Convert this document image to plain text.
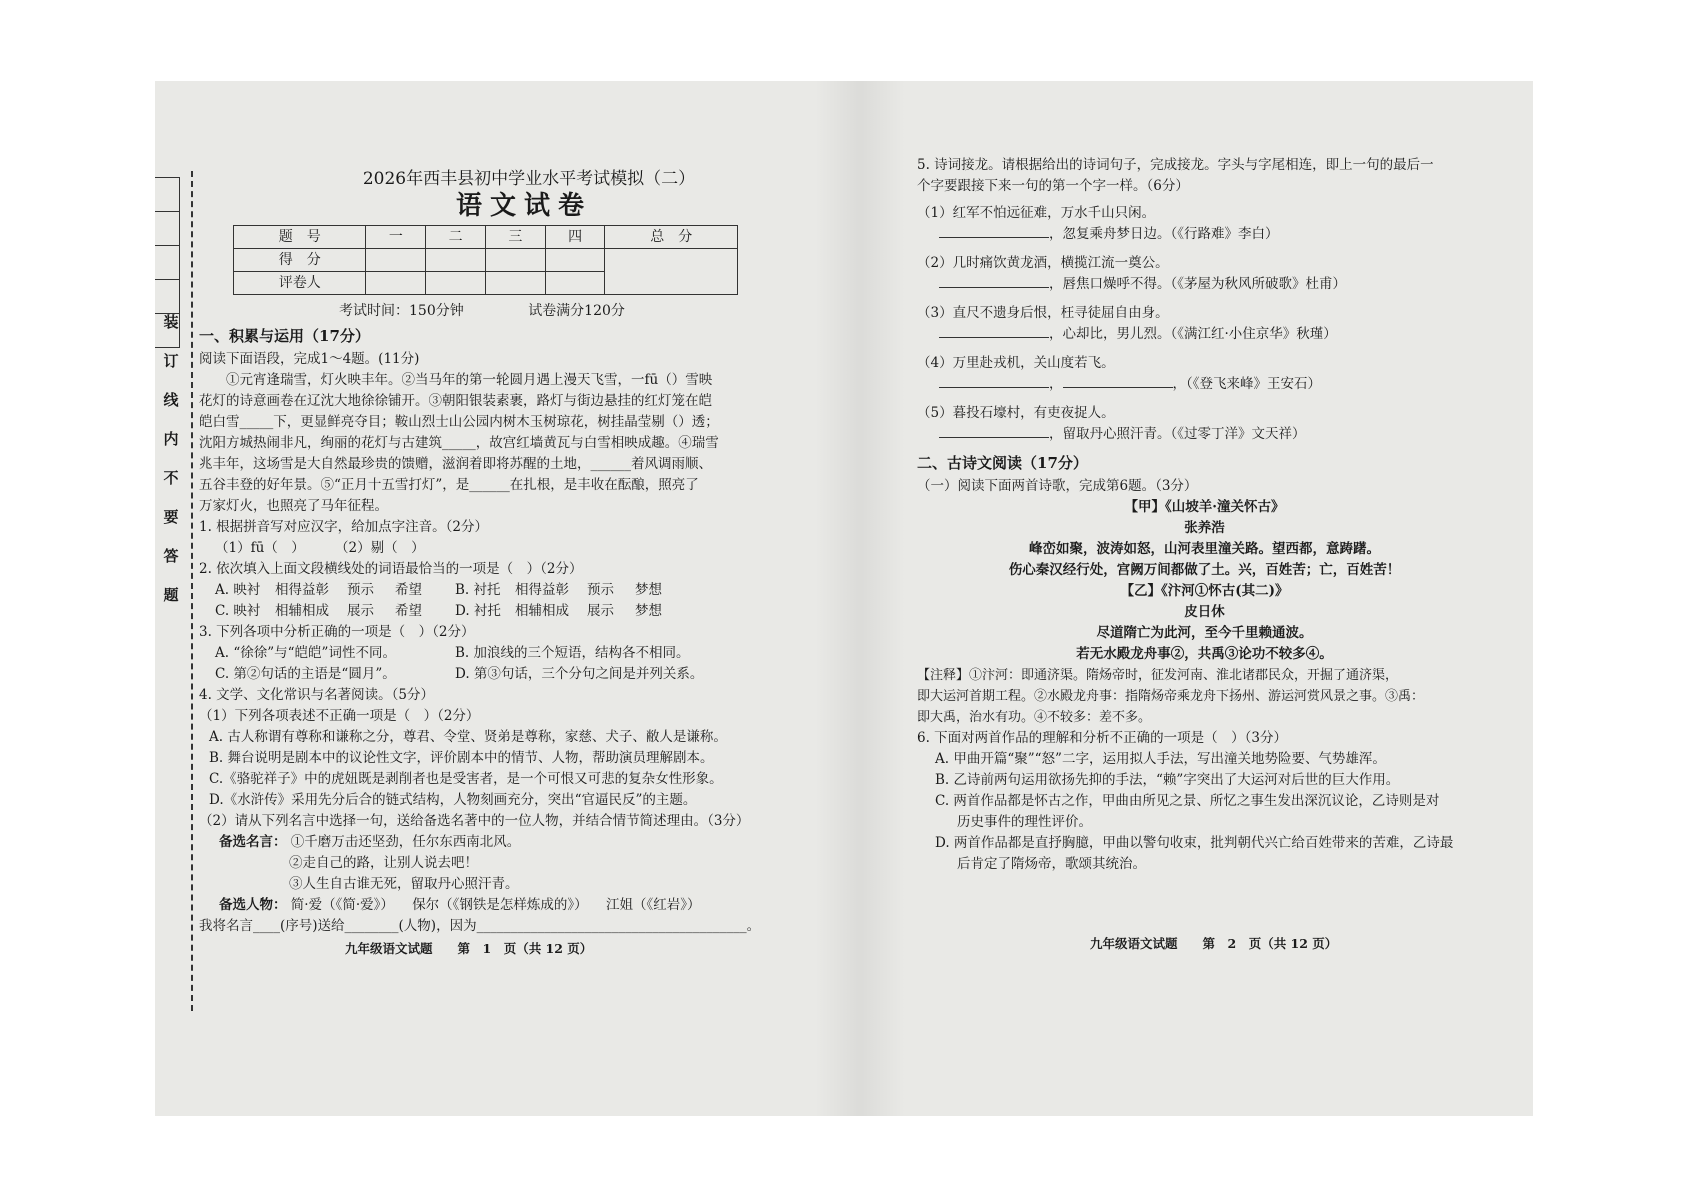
装
订
线
内
不
要
答
题
2026年西丰县初中学业水平考试模拟（二）
语文试卷
题　号	一	二	三	四	总　分
得　分					
评卷人					
考试时间：150分钟	试卷满分120分
一、积累与运用（17分）

阅读下面语段，完成1～4题。(11分)

①元宵逢瑞雪，灯火映丰年。②当马年的第一轮圆月遇上漫天飞雪，一fū（）雪映

花灯的诗意画卷在辽沈大地徐徐铺开。③朝阳银装素裹，路灯与街边悬挂的红灯笼在皑

皑白雪_____下，更显鲜亮夺目；鞍山烈士山公园内树木玉树琼花，树挂晶莹剔（）透；

沈阳方城热闹非凡，绚丽的花灯与古建筑_____，故宫红墙黄瓦与白雪相映成趣。④瑞雪

兆丰年，这场雪是大自然最珍贵的馈赠，滋润着即将苏醒的土地，______着风调雨顺、

五谷丰登的好年景。⑤“正月十五雪打灯”，是______在扎根，是丰收在酝酿，照亮了

万家灯火，也照亮了马年征程。

1. 根据拼音写对应汉字，给加点字注音。（2分）

（1）fū（　）	（2）剔（　）

2. 依次填入上面文段横线处的词语最恰当的一项是（　）（2分）

A. 映衬	相得益彰	预示	希望	B. 衬托	相得益彰	预示	梦想
C. 映衬	相辅相成	展示	希望	D. 衬托	相辅相成	展示	梦想

3. 下列各项中分析正确的一项是（　）（2分）

A. “徐徐”与“皑皑”词性不同。	B. 加浪线的三个短语，结构各不相同。
C. 第②句话的主语是“圆月”。	D. 第③句话，三个分句之间是并列关系。

4. 文学、文化常识与名著阅读。（5分）

（1）下列各项表述不正确一项是（　）（2分）

A. 古人称谓有尊称和谦称之分，尊君、令堂、贤弟是尊称，家慈、犬子、敝人是谦称。

B. 舞台说明是剧本中的议论性文字，评价剧本中的情节、人物，帮助演员理解剧本。

C.《骆驼祥子》中的虎妞既是剥削者也是受害者，是一个可恨又可悲的复杂女性形象。

D.《水浒传》采用先分后合的链式结构，人物刻画充分，突出“官逼民反”的主题。

（2）请从下列名言中选择一句，送给备选名著中的一位人物，并结合情节简述理由。（3分）

备选名言： ①千磨万击还坚劲，任尔东西南北风。

②走自己的路，让别人说去吧！

③人生自古谁无死，留取丹心照汗青。

备选人物： 简·爱（《简·爱》） 保尔（《钢铁是怎样炼成的》） 江姐（《红岩》）

我将名言____(序号)送给________(人物)，因为________________________________________。

九年级语文试题　　第　1　页（共 12 页）

5. 诗词接龙。请根据给出的诗词句子，完成接龙。字头与字尾相连，即上一句的最后一

个字要跟接下来一句的第一个字一样。（6分）

（1）红军不怕远征难，万水千山只闲。

，忽复乘舟梦日边。（《行路难》李白）

（2）几时痛饮黄龙酒，横揽江流一奠公。

，唇焦口燥呼不得。（《茅屋为秋风所破歌》杜甫）

（3）直尺不遗身后恨，枉寻徒屈自由身。

，心却比，男儿烈。（《满江红·小住京华》秋瑾）

（4）万里赴戎机，关山度若飞。

，	，（《登飞来峰》王安石）

（5）暮投石壕村，有吏夜捉人。

，留取丹心照汗青。（《过零丁洋》文天祥）

二、古诗文阅读（17分）

（一）阅读下面两首诗歌，完成第6题。（3分）

【甲】《山坡羊·潼关怀古》

张养浩

峰峦如聚，波涛如怒，山河表里潼关路。望西都，意踌躇。

伤心秦汉经行处，宫阙万间都做了土。兴，百姓苦；亡，百姓苦！

【乙】《汴河①怀古(其二)》

皮日休

尽道隋亡为此河，至今千里赖通波。

若无水殿龙舟事②，共禹③论功不较多④。

【注释】①汴河：即通济渠。隋炀帝时，征发河南、淮北诸郡民众，开掘了通济渠，

即大运河首期工程。②水殿龙舟事：指隋炀帝乘龙舟下扬州、游运河赏风景之事。③禹：

即大禹，治水有功。④不较多：差不多。

6. 下面对两首作品的理解和分析不正确的一项是（　）（3分）

A. 甲曲开篇“聚”“怒”二字，运用拟人手法，写出潼关地势险要、气势雄浑。

B. 乙诗前两句运用欲扬先抑的手法，“赖”字突出了大运河对后世的巨大作用。

C. 两首作品都是怀古之作，甲曲由所见之景、所忆之事生发出深沉议论，乙诗则是对

历史事件的理性评价。

D. 两首作品都是直抒胸臆，甲曲以警句收束，批判朝代兴亡给百姓带来的苦难，乙诗最

后肯定了隋炀帝，歌颂其统治。

九年级语文试题　　第　2　页（共 12 页）
